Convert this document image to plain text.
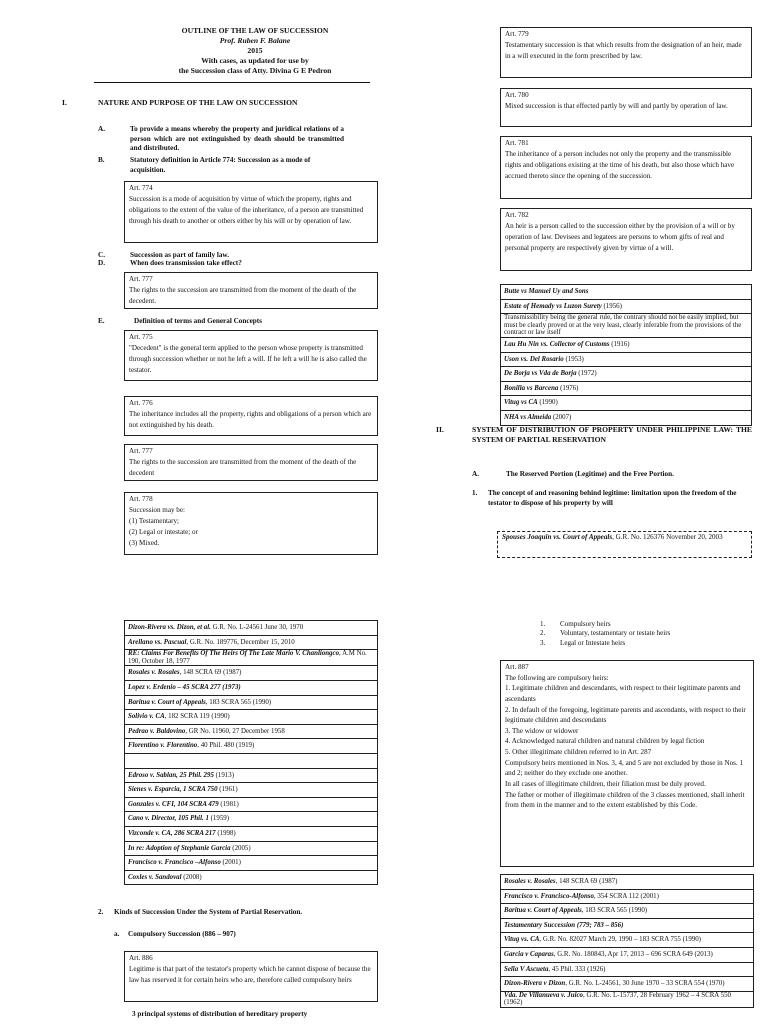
OUTLINE OF THE LAW OF SUCCESSION
Prof. Ruben F. Balane
2015
With cases, as updated for use by
the Succession class of Atty. Divina G E Pedron
I.	NATURE AND PURPOSE OF THE LAW ON SUCCESSION
A.	To provide a means whereby the property and juridical relations of a person which are not extinguished by death should be transmitted and distributed.
B.	Statutory definition in Article 774: Succession as a mode of acquisition.
Art. 774
Succession is a mode of acquisition by virtue of which the property, rights and obligations to the extent of the value of the inheritance, of a person are transmitted through his death to another or others either by his will or by operation of law.
C.	Succession as part of family law.
D.	When does transmission take effect?
Art. 777
The rights to the succession are transmitted from the moment of the death of the decedent.
E.	Definition of terms and General Concepts
Art. 775
"Decedent" is the general term applied to the person whose property is transmitted through succession whether or not he left a will. If he left a will he is also called the testator.
Art. 776
The inheritance includes all the property, rights and obligations of a person which are not extinguished by his death.
Art. 777
The rights to the succession are transmitted from the moment of the death of the decedent
Art. 778
Succession may be:
(1) Testamentary;
(2) Legal or intestate; or
(3) Mixed.
Dizon-Rivera vs. Dizon, et al. G.R. No. L-24561 June 30, 1970
Arellano vs. Pascual, G.R. No. 189776, December 15, 2010
RE: Claims For Benefits Of The Heirs Of The Late Mario V. Chanliongco, A.M No. 190, October 18, 1977
Rosales v. Rosales, 148 SCRA 69 (1987)
Lopez v. Erdenio – 45 SCRA 277 (1973)
Baritua v. Court of Appeals, 183 SCRA 565 (1990)
Solivio v. CA, 182 SCRA 119 (1990)
Pedrao v. Baldovino, GR No. 11960, 27 December 1958
Florentino v. Florentino, 40 Phil. 480 (1919)

Edroso v. Sablan, 25 Phil. 295 (1913)
Sienes v. Esparcia, 1 SCRA 750 (1961)
Gonzales v. CFI, 104 SCRA 479 (1981)
Cano v. Director, 105 Phil. 1 (1959)
Vizconde v. CA, 286 SCRA 217 (1998)
In re: Adoption of Stephanie Garcia (2005)
Francisco v. Francisco –Alfonso (2001)
Coxles v. Sandoval (2008)
2. Kinds of Succession Under the System of Partial Reservation.
a. Compulsory Succession (886 – 907)
Art. 886
Legitime is that part of the testator's property which he cannot dispose of because the law has reserved it for certain heirs who are, therefore called compulsory heirs
3 principal systems of distribution of hereditary property
Art. 779
Testamentary succession is that which results from the designation of an heir, made in a will executed in the form prescribed by law.
Art. 780
Mixed succession is that effected partly by will and partly by operation of law.
Art. 781
The inheritance of a person includes not only the property and the transmissible rights and obligations existing at the time of his death, but also those which have accrued thereto since the opening of the succession.
Art. 782
An heir is a person called to the succession either by the provision of a will or by operation of law. Devisees and legatees are persons to whom gifts of real and personal property are respectively given by virtue of a will.
Butte vs Manuel Uy and Sons
Estate of Hemady vs Luzon Surety (1956)
Transmissibility being the general rule, the contrary should not be easily implied, but must be clearly proved or at the very least, clearly inferable from the provisions of the contract or law itself
Lau Hu Nin vs. Collector of Customs (1916)
Uson vs. Del Rosario (1953)
De Borja vs Vda de Borja (1972)
Bonilla vs Barcena (1976)
Vitug vs CA (1990)
NHA vs Almeida (2007)
II.	SYSTEM OF DISTRIBUTION OF PROPERTY UNDER PHILIPPINE LAW: THE SYSTEM OF PARTIAL RESERVATION
A.	The Reserved Portion (Legitime) and the Free Portion.
1. The concept of and reasoning behind legitime: limitation upon the freedom of the testator to dispose of his property by will
Spouses Joaquin vs. Court of Appeals, G.R. No. 126376 November 20, 2003
1. Compulsory heirs
2. Voluntary, testamentary or testate heirs
3. Legal or Intestate heirs
Art. 887
The following are compulsory heirs:
1. Legitimate children and descendants, with respect to their legitimate parents and ascendants
2. In default of the foregoing, legitimate parents and ascendants, with respect to their legitimate children and descendants
3. The widow or widower
4. Acknowledged natural children and natural children by legal fiction
5. Other illegitimate children referred to in Art. 287
Compulsory heirs mentioned in Nos. 3, 4, and 5 are not excluded by those in Nos. 1 and 2; neither do they exclude one another.
In all cases of illegitimate children, their filiation must be duly proved.
The father or mother of illegitimate children of the 3 classes mentioned, shall inherit from them in the manner and to the extent established by this Code.
Rosales v. Rosales, 148 SCRA 69 (1987)
Francisco v. Francisco-Alfonso, 354 SCRA 112 (2001)
Baritua v. Court of Appeals, 183 SCRA 565 (1990)
Testamentary Succession (779; 783 – 856)
Vitug vs. CA, G.R. No. 82027 March 29, 1990 – 183 SCRA 755 (1990)
Garcia v Caparas, G.R. No. 180843, Apr 17, 2013 – 696 SCRA 649 (2013)
Sella V Ascueta, 45 Phil. 333 (1926)
Dizon-Rivera v Dizon, G.R. No. L-24561, 30 June 1970 – 33 SCRA 554 (1970)
Vda. De Villanueva v. Juico, G.R. No. L-15737, 28 February 1962 – 4 SCRA 550 (1962)
